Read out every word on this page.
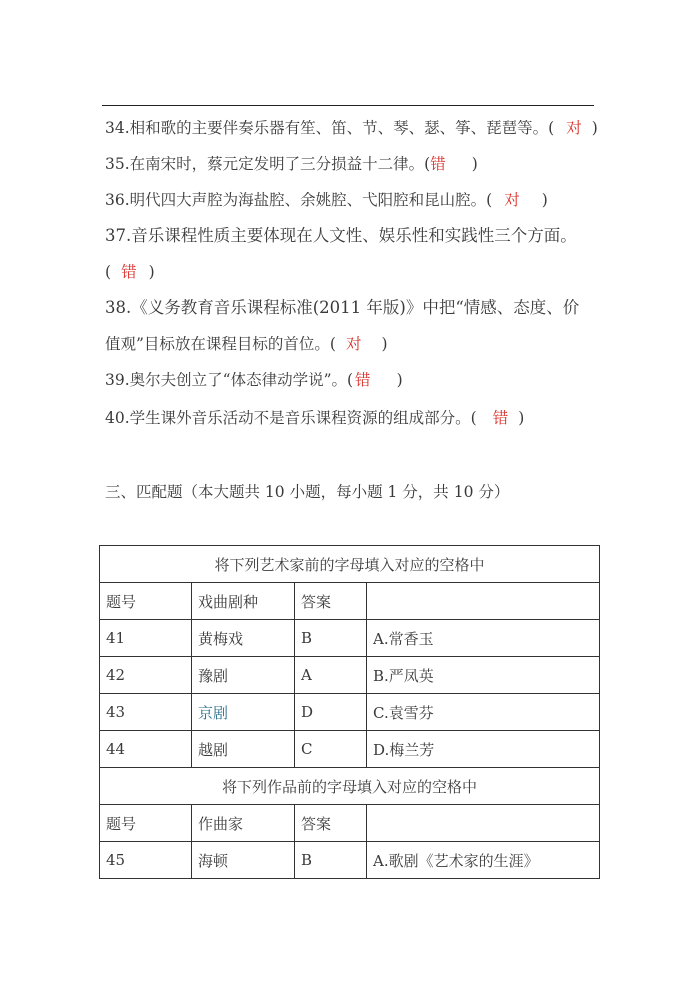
34.相和歌的主要伴奏乐器有笙、笛、节、琴、瑟、筝、琵琶等。( 对 )
35.在南宋时，蔡元定发明了三分损益十二律。(错 )
36.明代四大声腔为海盐腔、余姚腔、弋阳腔和昆山腔。( 对 )
37.音乐课程性质主要体现在人文性、娱乐性和实践性三个方面。
( 错 )
38.《义务教育音乐课程标准(2011 年版)》中把“情感、态度、价
值观”目标放在课程目标的首位。( 对 )
39.奥尔夫创立了“体态律动学说”。( 错 )
40.学生课外音乐活动不是音乐课程资源的组成部分。( 错 )
三、匹配题（本大题共 10 小题，每小题 1 分，共 10 分）
将下列艺术家前的字母填入对应的空格中			
题号	戏曲剧种	答案	
41	黄梅戏	B	A.常香玉
42	豫剧	A	B.严凤英
43	京剧	D	C.袁雪芬
44	越剧	C	D.梅兰芳
将下列作品前的字母填入对应的空格中			
题号	作曲家	答案	
45	海顿	B	A.歌剧《艺术家的生涯》
